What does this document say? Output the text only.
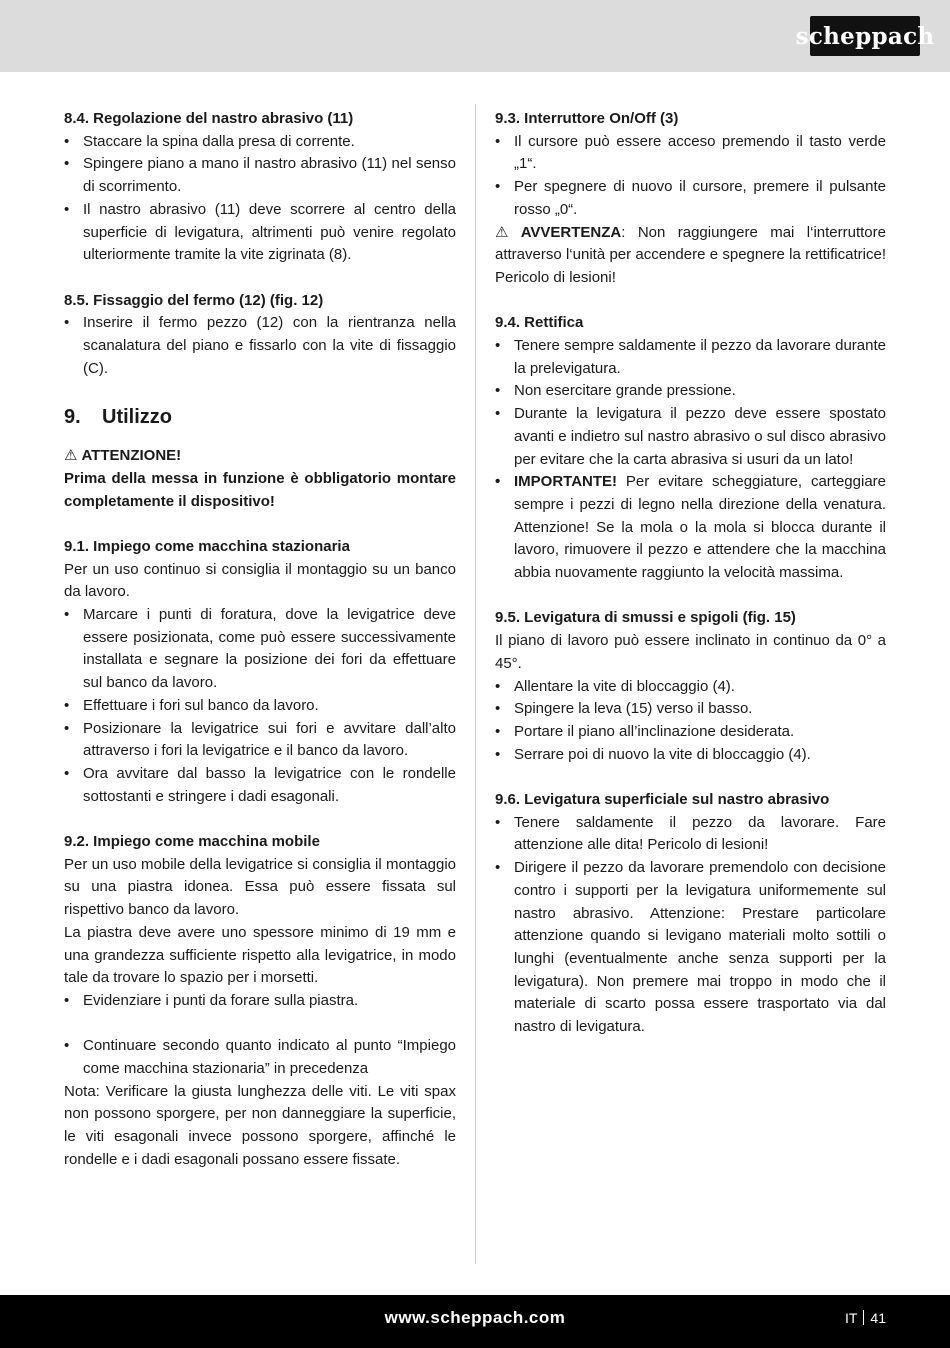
scheppach

8.4. Regolazione del nastro abrasivo (11)

• Staccare la spina dalla presa di corrente.
• Spingere piano a mano il nastro abrasivo (11) nel senso di scorrimento.
• Il nastro abrasivo (11) deve scorrere al centro della superficie di levigatura, altrimenti può venire regolato ulteriormente tramite la vite zigrinata (8).

8.5. Fissaggio del fermo (12) (fig. 12)

• Inserire il fermo pezzo (12) con la rientranza nella scanalatura del piano e fissarlo con la vite di fissaggio (C).
9. Utilizzo

⚠ ATTENZIONE!

Prima della messa in funzione è obbligatorio montare completamente il dispositivo!

9.1. Impiego come macchina stazionaria

Per un uso continuo si consiglia il montaggio su un banco da lavoro.

• Marcare i punti di foratura, dove la levigatrice deve essere posizionata, come può essere successivamente installata e segnare la posizione dei fori da effettuare sul banco da lavoro.
• Effettuare i fori sul banco da lavoro.
• Posizionare la levigatrice sui fori e avvitare dall’alto attraverso i fori la levigatrice e il banco da lavoro.
• Ora avvitare dal basso la levigatrice con le rondelle sottostanti e stringere i dadi esagonali.

9.2. Impiego come macchina mobile

Per un uso mobile della levigatrice si consiglia il montaggio su una piastra idonea. Essa può essere fissata sul rispettivo banco da lavoro.

La piastra deve avere uno spessore minimo di 19 mm e una grandezza sufficiente rispetto alla levigatrice, in modo tale da trovare lo spazio per i morsetti.

• Evidenziare i punti da forare sulla piastra.
• Continuare secondo quanto indicato al punto “Impiego come macchina stazionaria” in precedenza

Nota: Verificare la giusta lunghezza delle viti. Le viti spax non possono sporgere, per non danneggiare la superficie, le viti esagonali invece possono sporgere, affinché le rondelle e i dadi esagonali possano essere fissate.

9.3. Interruttore On/Off (3)

• Il cursore può essere acceso premendo il tasto verde „1“.
• Per spegnere di nuovo il cursore, premere il pulsante rosso „0“.

⚠ AVVERTENZA: Non raggiungere mai l‘interruttore attraverso l‘unità per accendere e spegnere la rettificatrice! Pericolo di lesioni!

9.4. Rettifica

• Tenere sempre saldamente il pezzo da lavorare durante la prelevigatura.
• Non esercitare grande pressione.
• Durante la levigatura il pezzo deve essere spostato avanti e indietro sul nastro abrasivo o sul disco abrasivo per evitare che la carta abrasiva si usuri da un lato!
• IMPORTANTE! Per evitare scheggiature, carteggiare sempre i pezzi di legno nella direzione della venatura. Attenzione! Se la mola o la mola si blocca durante il lavoro, rimuovere il pezzo e attendere che la macchina abbia nuovamente raggiunto la velocità massima.

9.5. Levigatura di smussi e spigoli (fig. 15)

Il piano di lavoro può essere inclinato in continuo da 0° a 45°.

• Allentare la vite di bloccaggio (4).
• Spingere la leva (15) verso il basso.
• Portare il piano all’inclinazione desiderata.
• Serrare poi di nuovo la vite di bloccaggio (4).

9.6. Levigatura superficiale sul nastro abrasivo

• Tenere saldamente il pezzo da lavorare. Fare attenzione alle dita! Pericolo di lesioni!
• Dirigere il pezzo da lavorare premendolo con decisione contro i supporti per la levigatura uniformemente sul nastro abrasivo. Attenzione: Prestare particolare attenzione quando si levigano materiali molto sottili o lunghi (eventualmente anche senza supporti per la levigatura). Non premere mai troppo in modo che il materiale di scarto possa essere trasportato via dal nastro di levigatura.
www.scheppach.com	IT 41
